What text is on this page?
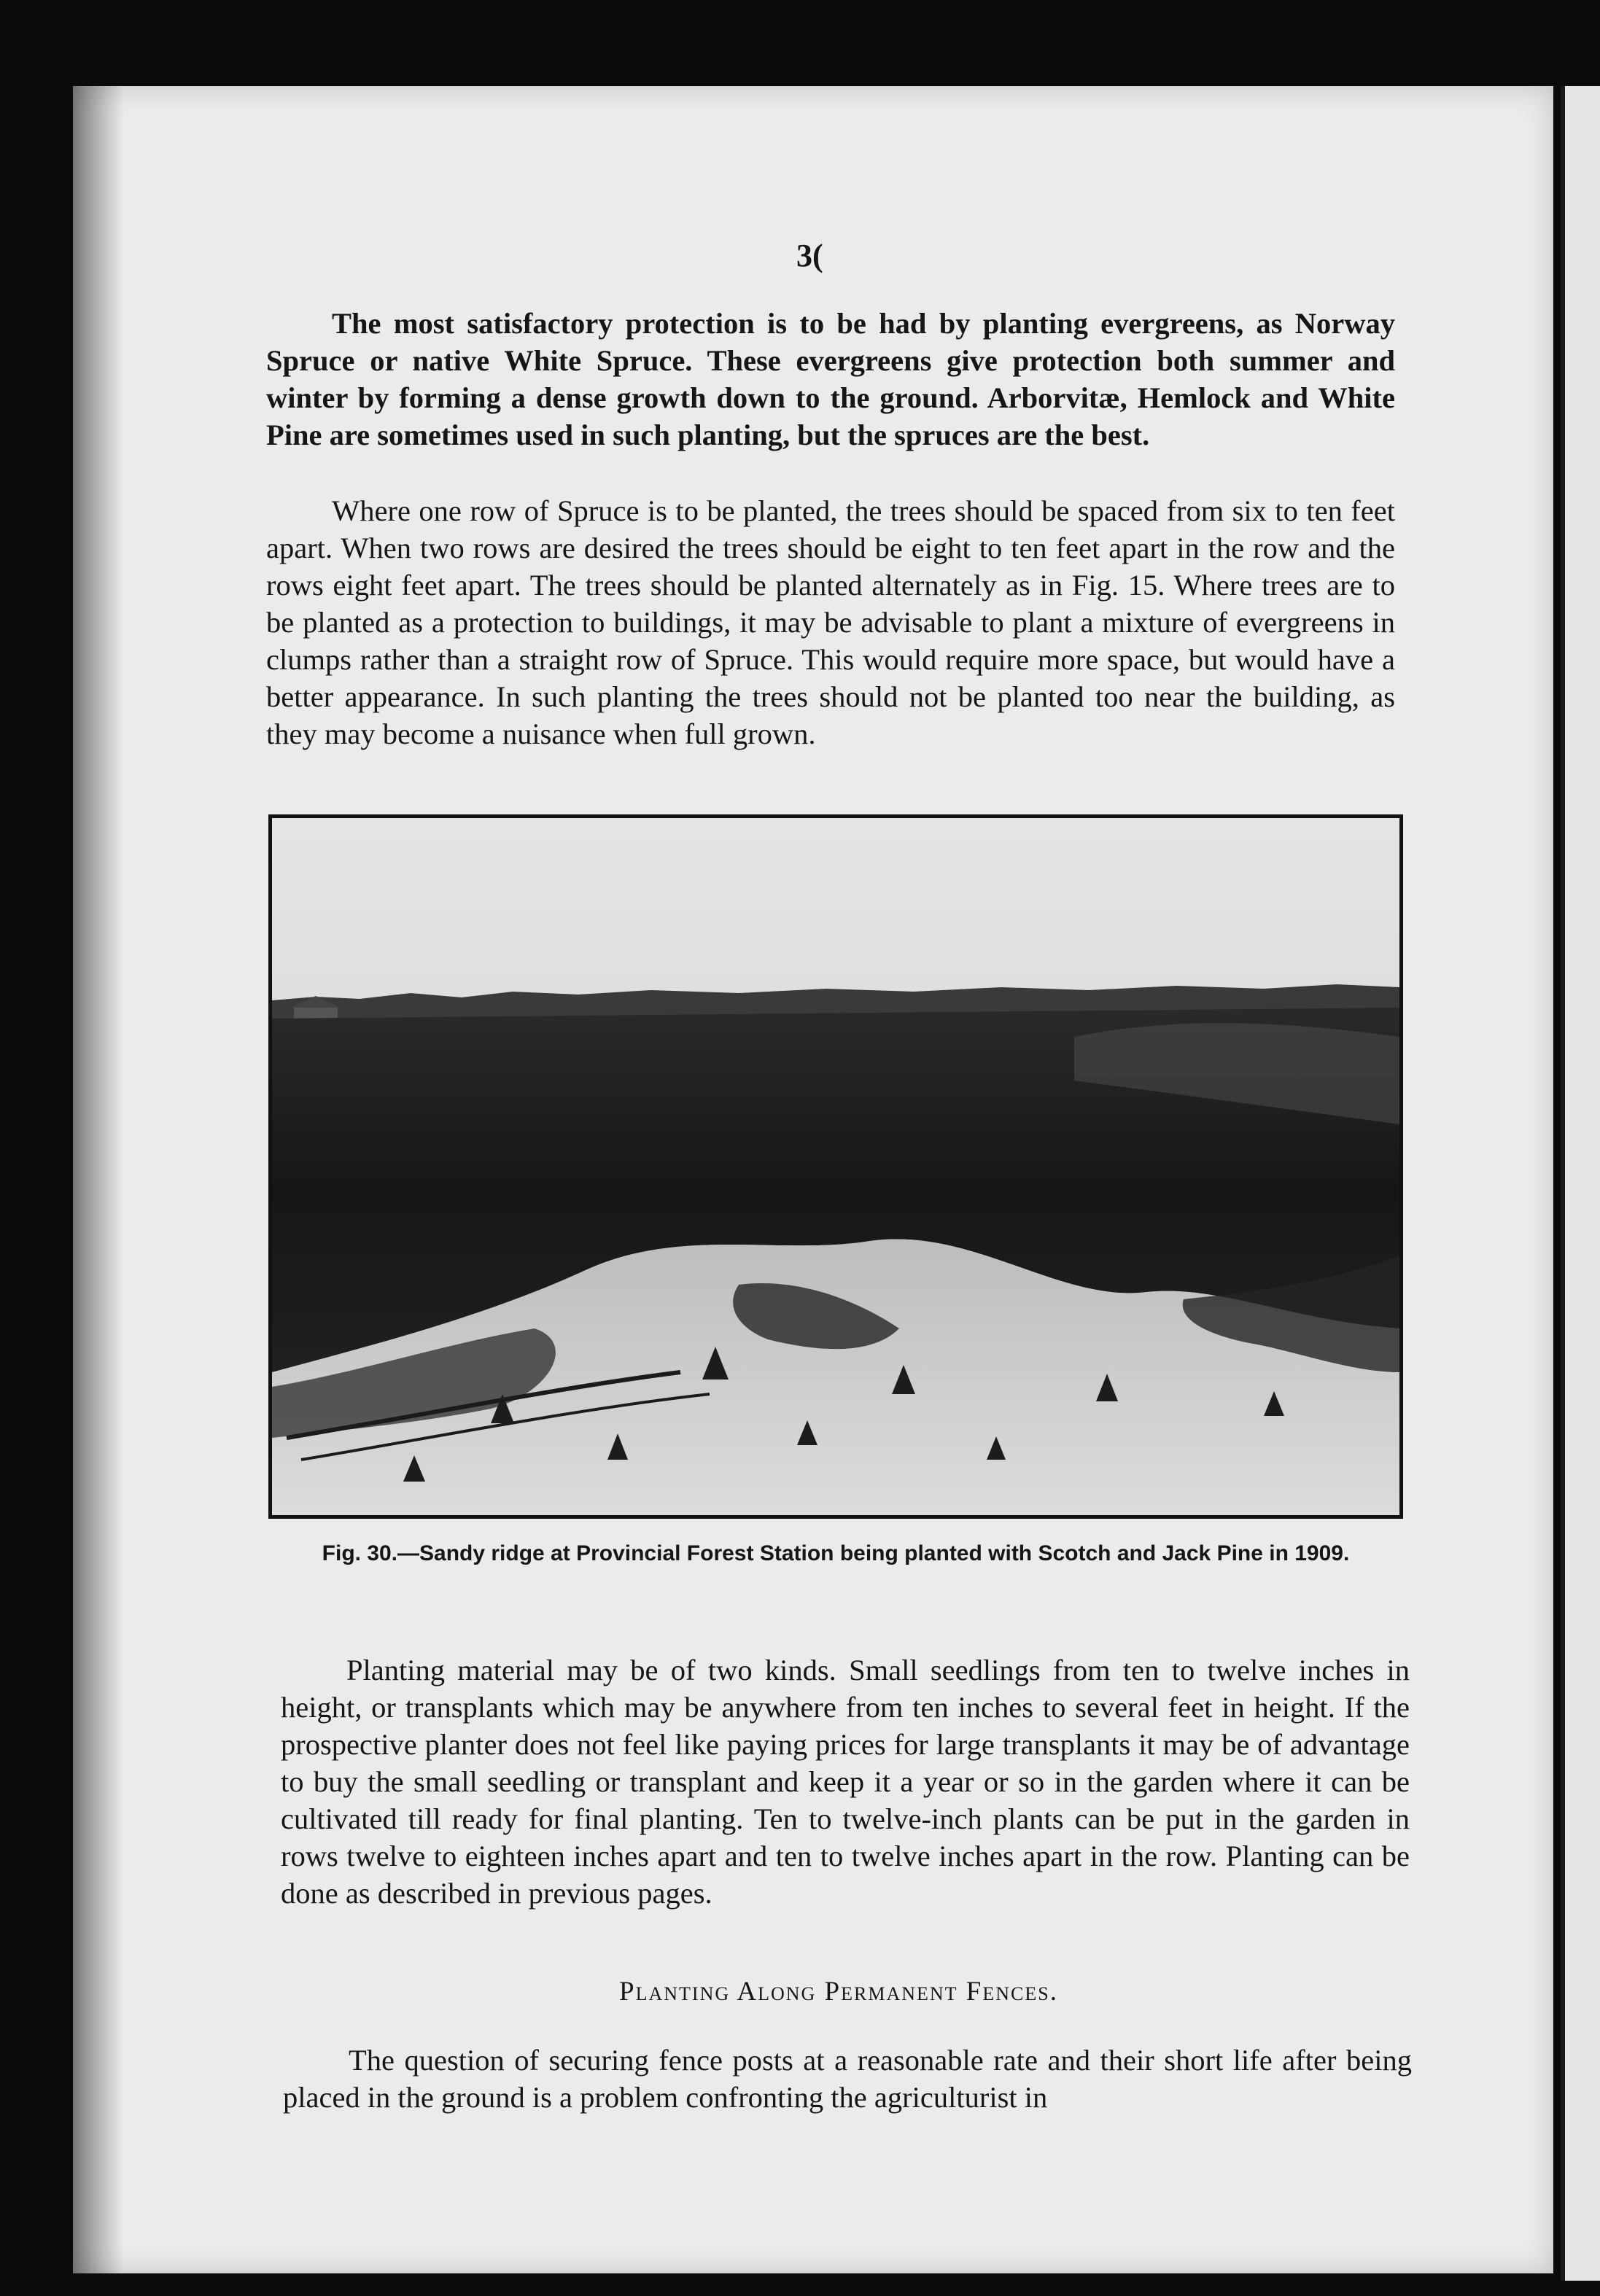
3(

The most satisfactory protection is to be had by planting evergreens, as Norway Spruce or native White Spruce. These evergreens give protection both summer and winter by forming a dense growth down to the ground. Arborvitæ, Hemlock and White Pine are sometimes used in such planting, but the spruces are the best.

Where one row of Spruce is to be planted, the trees should be spaced from six to ten feet apart. When two rows are desired the trees should be eight to ten feet apart in the row and the rows eight feet apart. The trees should be planted alternately as in Fig. 15. Where trees are to be planted as a protection to buildings, it may be advisable to plant a mixture of evergreens in clumps rather than a straight row of Spruce. This would require more space, but would have a better appearance. In such planting the trees should not be planted too near the building, as they may become a nuisance when full grown.

Fig. 30.—Sandy ridge at Provincial Forest Station being planted with Scotch and Jack Pine in 1909.

Planting material may be of two kinds. Small seedlings from ten to twelve inches in height, or transplants which may be anywhere from ten inches to several feet in height. If the prospective planter does not feel like paying prices for large transplants it may be of advantage to buy the small seedling or transplant and keep it a year or so in the garden where it can be cultivated till ready for final planting. Ten to twelve-inch plants can be put in the garden in rows twelve to eighteen inches apart and ten to twelve inches apart in the row. Planting can be done as described in previous pages.

Planting Along Permanent Fences.

The question of securing fence posts at a reasonable rate and their short life after being placed in the ground is a problem confronting the agriculturist in
